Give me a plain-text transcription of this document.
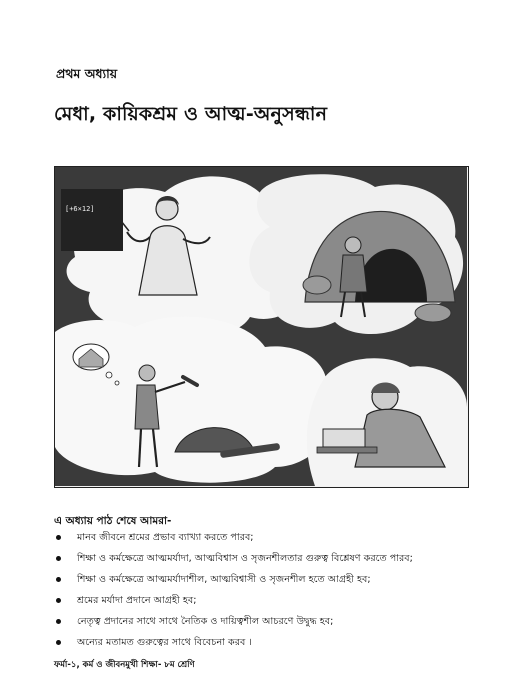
প্রথম অধ্যায়
মেধা, কায়িকশ্রম ও আত্ম-অনুসন্ধান
[+6×12]
এ অধ্যায় পাঠ শেষে আমরা-
মানব জীবনে শ্রমের প্রভাব ব্যাখ্যা করতে পারব;
শিক্ষা ও কর্মক্ষেত্রে আত্মমর্যাদা, আত্মবিশ্বাস ও সৃজনশীলতার গুরুত্ব বিশ্লেষণ করতে পারব;
শিক্ষা ও কর্মক্ষেত্রে আত্মমর্যাদাশীল, আত্মবিশ্বাসী ও সৃজনশীল হতে আগ্রহী হব;
শ্রমের মর্যাদা প্রদানে আগ্রহী হব;
নেতৃত্ব প্রদানের সাথে সাথে নৈতিক ও দায়িত্বশীল আচরণে উদ্বুদ্ধ হব;
অন্যের মতামত গুরুত্বের সাথে বিবেচনা করব ।
ফর্মা-১, কর্ম ও জীবনমুখী শিক্ষা- ৮ম শ্রেণি
